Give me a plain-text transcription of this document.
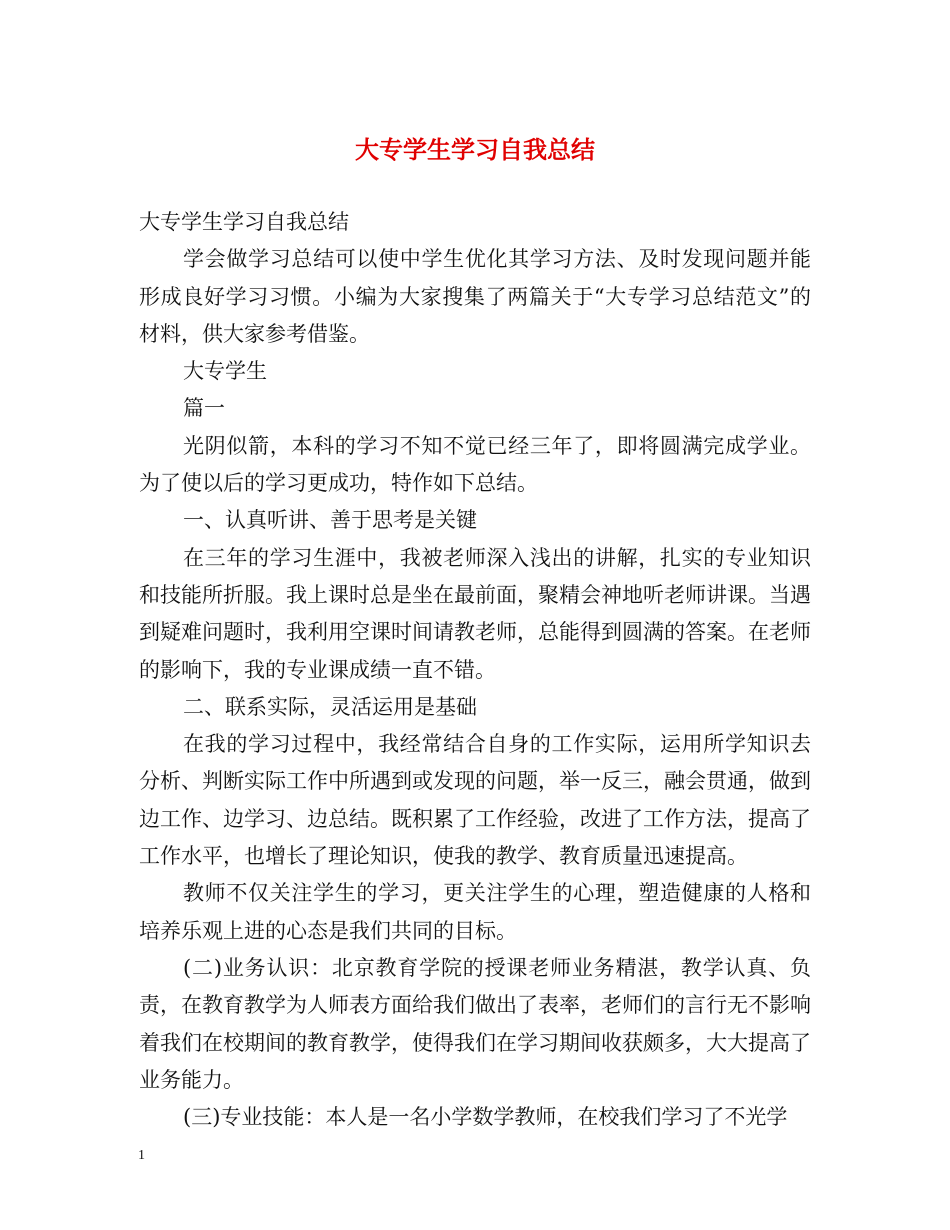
大专学生学习自我总结

大专学生学习自我总结

学会做学习总结可以使中学生优化其学习方法、及时发现问题并能形成良好学习习惯。小编为大家搜集了两篇关于“大专学习总结范文”的材料，供大家参考借鉴。

大专学生

篇一

光阴似箭，本科的学习不知不觉已经三年了，即将圆满完成学业。为了使以后的学习更成功，特作如下总结。

一、认真听讲、善于思考是关键

在三年的学习生涯中，我被老师深入浅出的讲解，扎实的专业知识和技能所折服。我上课时总是坐在最前面，聚精会神地听老师讲课。当遇到疑难问题时，我利用空课时间请教老师，总能得到圆满的答案。在老师的影响下，我的专业课成绩一直不错。

二、联系实际，灵活运用是基础

在我的学习过程中，我经常结合自身的工作实际，运用所学知识去分析、判断实际工作中所遇到或发现的问题，举一反三，融会贯通，做到边工作、边学习、边总结。既积累了工作经验，改进了工作方法，提高了工作水平，也增长了理论知识，使我的教学、教育质量迅速提高。

教师不仅关注学生的学习，更关注学生的心理，塑造健康的人格和培养乐观上进的心态是我们共同的目标。

(二)业务认识：北京教育学院的授课老师业务精湛，教学认真、负责，在教育教学为人师表方面给我们做出了表率，老师们的言行无不影响着我们在校期间的教育教学，使得我们在学习期间收获颇多，大大提高了业务能力。

(三)专业技能：本人是一名小学数学教师，在校我们学习了不光学

1
